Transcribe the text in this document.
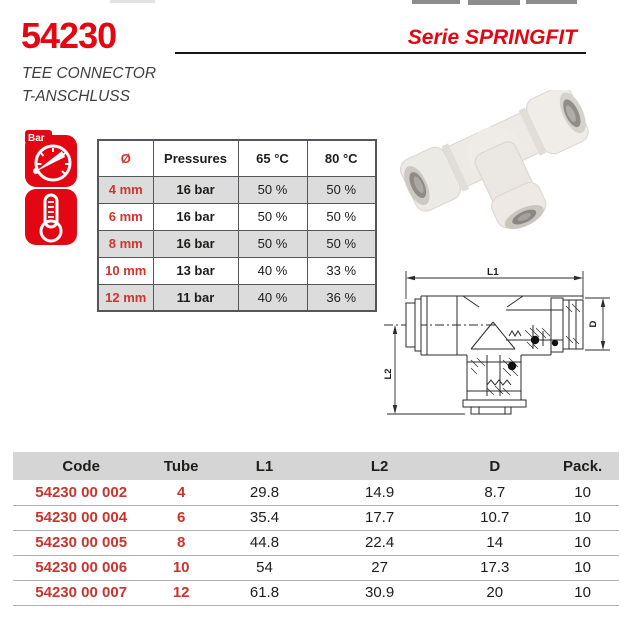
54230	Serie SPRINGFIT
TEE CONNECTOR
T-ANSCHLUSS
Bar
Ø	Pressures	65 °C	80 °C
4 mm	16 bar	50 %	50 %
6 mm	16 bar	50 %	50 %
8 mm	16 bar	50 %	50 %
10 mm	13 bar	40 %	33 %
12 mm	11 bar	40 %	36 %
L1
L2
D
Code	Tube	L1	L2	D	Pack.
54230 00 002	4	29.8	14.9	8.7	10
54230 00 004	6	35.4	17.7	10.7	10
54230 00 005	8	44.8	22.4	14	10
54230 00 006	10	54	27	17.3	10
54230 00 007	12	61.8	30.9	20	10
